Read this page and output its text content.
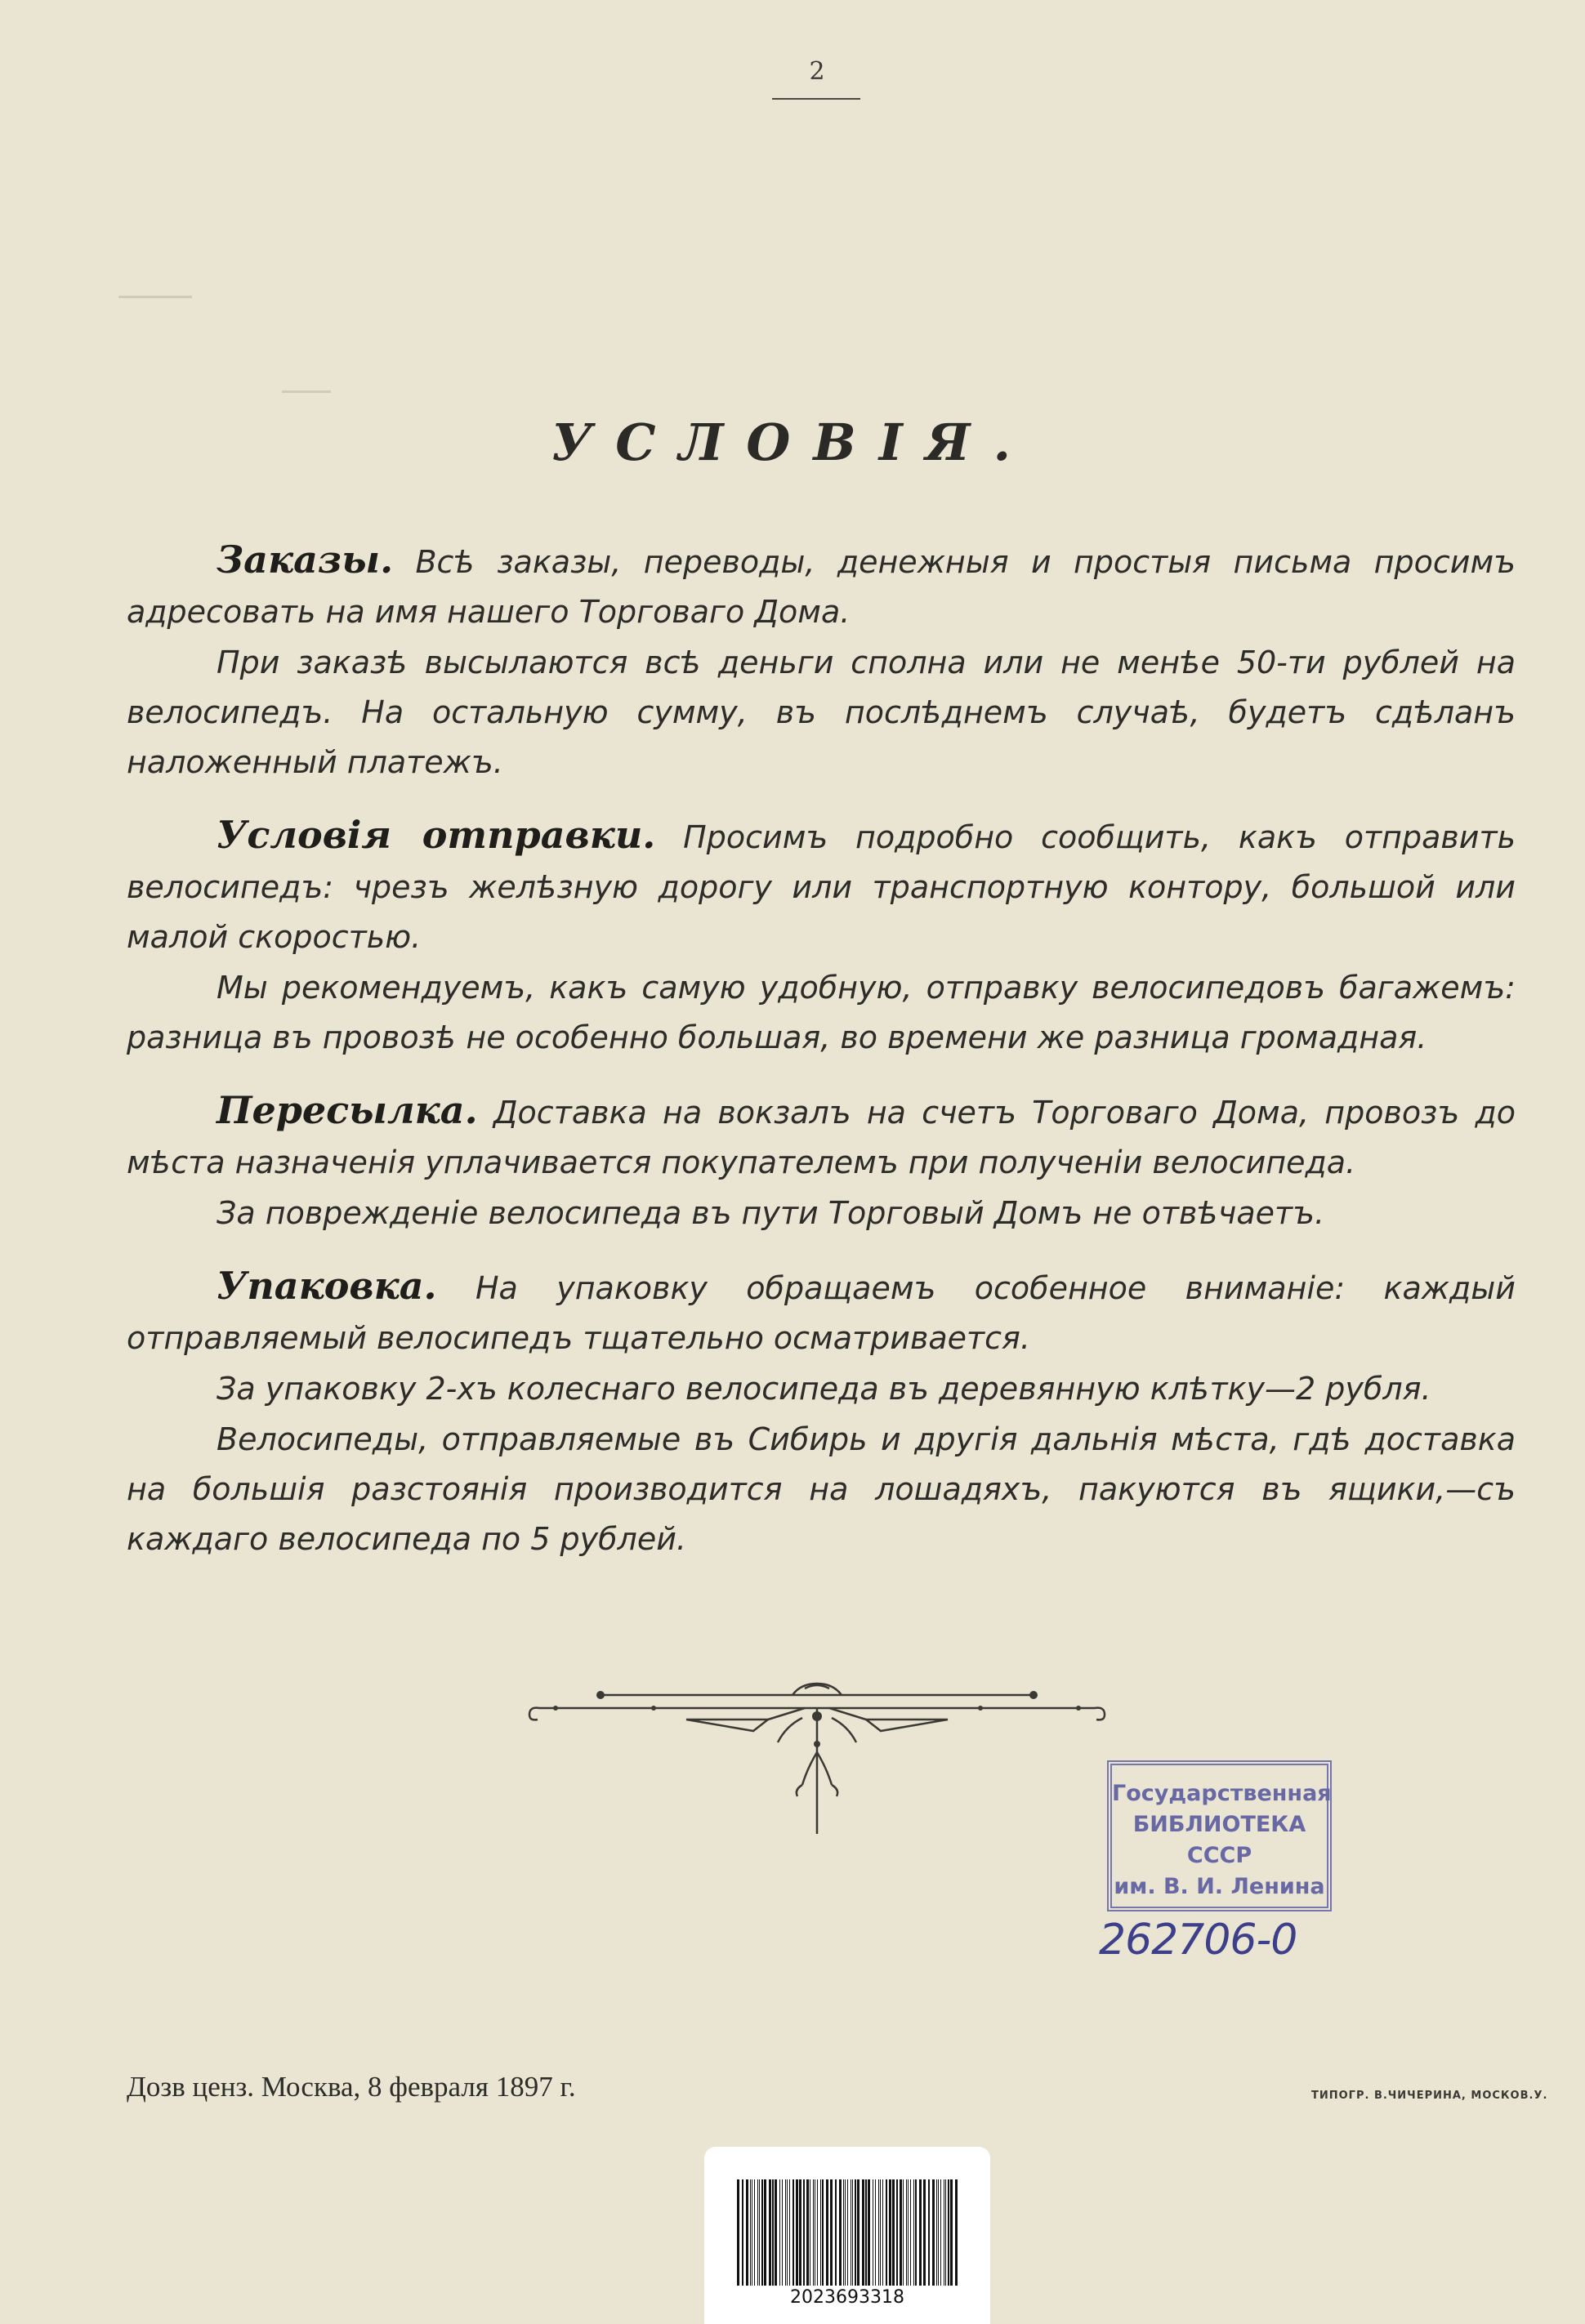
2
УСЛОВІЯ.

Заказы. Всѣ заказы, переводы, денежныя и простыя письма просимъ адресовать на имя нашего Торговаго Дома.

При заказѣ высылаются всѣ деньги сполна или не менѣе 50-ти рублей на велосипедъ. На остальную сумму, въ послѣднемъ случаѣ, будетъ сдѣланъ наложенный платежъ.

Условія отправки. Просимъ подробно сообщить, какъ отправить велосипедъ: чрезъ желѣзную дорогу или транспортную контору, большой или малой скоростью.

Мы рекомендуемъ, какъ самую удобную, отправку велосипедовъ багажемъ: разница въ провозѣ не особенно большая, во времени же разница громадная.

Пересылка. Доставка на вокзалъ на счетъ Торговаго Дома, провозъ до мѣста назначенія уплачивается покупателемъ при полученіи велосипеда.

За поврежденіе велосипеда въ пути Торговый Домъ не отвѣчаетъ.

Упаковка. На упаковку обращаемъ особенное вниманіе: каждый отправляемый велосипедъ тщательно осматривается.

За упаковку 2-хъ колеснаго велосипеда въ деревянную клѣтку—2 рубля.

Велосипеды, отправляемые въ Сибирь и другія дальнія мѣста, гдѣ доставка на большія разстоянія производится на лошадяхъ, пакуются въ ящики,—съ каждаго велосипеда по 5 рублей.

Государственная
БИБЛИОТЕКА
СССР
им. В. И. Ленина
262706-0
Дозв ценз. Москва, 8 февраля 1897 г.	ТИПОГР. В.ЧИЧЕРИНА, МОСКОВ.У.
2023693318
